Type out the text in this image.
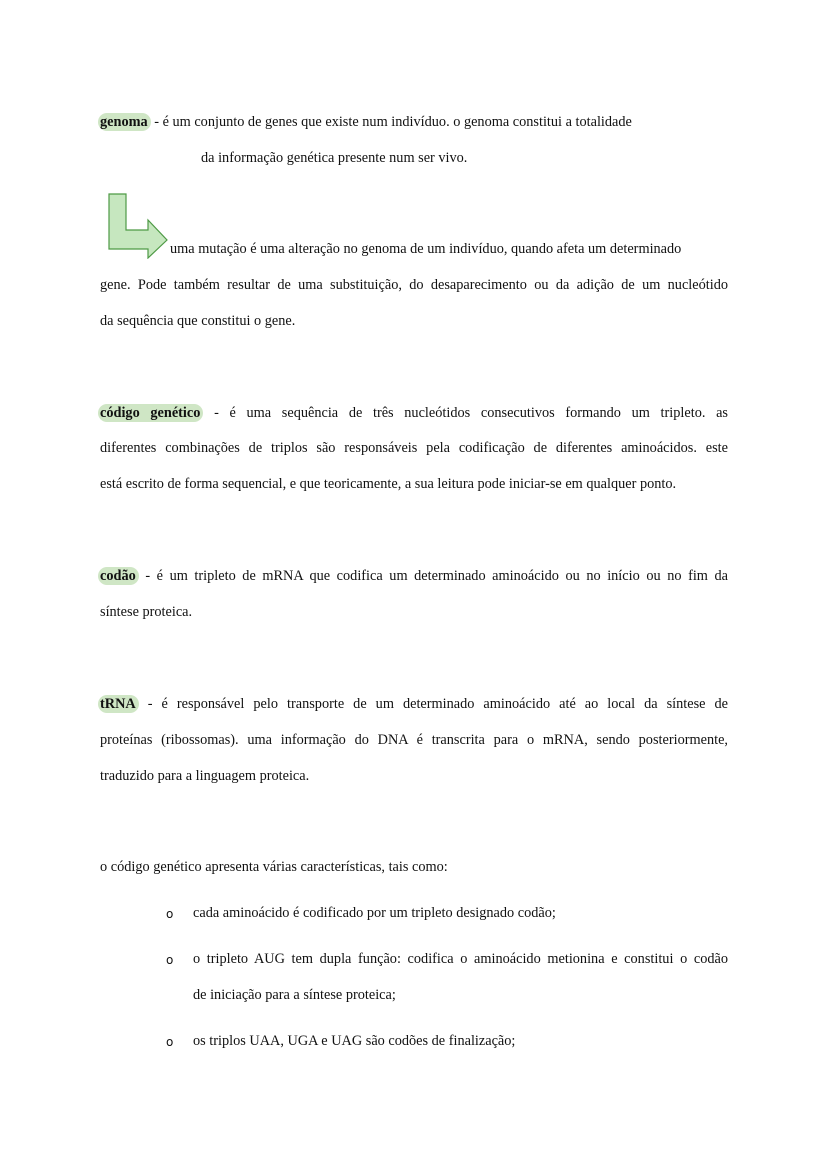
genoma - é um conjunto de genes que existe num indivíduo. o genoma constitui a totalidade
da informação genética presente num ser vivo.
uma mutação é uma alteração no genoma de um indivíduo, quando afeta um determinado
gene. Pode também resultar de uma substituição, do desaparecimento ou da adição de um nucleótido
da sequência que constitui o gene.
código genético - é uma sequência de três nucleótidos consecutivos formando um tripleto. as
diferentes combinações de triplos são responsáveis pela codificação de diferentes aminoácidos. este
está escrito de forma sequencial, e que teoricamente, a sua leitura pode iniciar-se em qualquer ponto.
codão - é um tripleto de mRNA que codifica um determinado aminoácido ou no início ou no fim da
síntese proteica.
tRNA - é responsável pelo transporte de um determinado aminoácido até ao local da síntese de
proteínas (ribossomas). uma informação do DNA é transcrita para o mRNA, sendo posteriormente,
traduzido para a linguagem proteica.
o código genético apresenta várias características, tais como:
o cada aminoácido é codificado por um tripleto designado codão;
o o tripleto AUG tem dupla função: codifica o aminoácido metionina e constitui o codão
de iniciação para a síntese proteica;
o os triplos UAA, UGA e UAG são codões de finalização;
